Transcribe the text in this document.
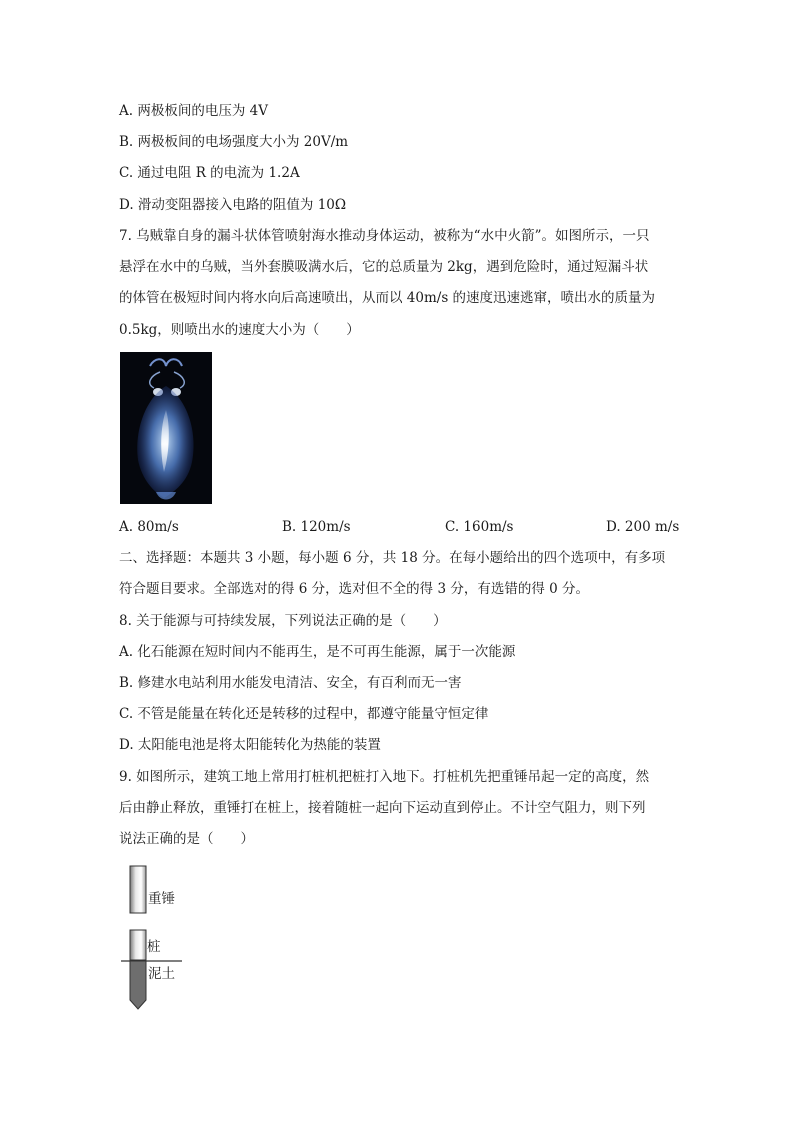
A. 两极板间的电压为 4V
B. 两极板间的电场强度大小为 20V/m
C. 通过电阻 R 的电流为 1.2A
D. 滑动变阻器接入电路的阻值为 10Ω
7. 乌贼靠自身的漏斗状体管喷射海水推动身体运动，被称为“水中火箭”。如图所示，一只
悬浮在水中的乌贼，当外套膜吸满水后，它的总质量为 2kg，遇到危险时，通过短漏斗状
的体管在极短时间内将水向后高速喷出，从而以 40m/s 的速度迅速逃窜，喷出水的质量为
0.5kg，则喷出水的速度大小为（　　）
A. 80m/s	B. 120m/s	C. 160m/s	D. 200 m/s
二、选择题：本题共 3 小题，每小题 6 分，共 18 分。在每小题给出的四个选项中，有多项
符合题目要求。全部选对的得 6 分，选对但不全的得 3 分，有选错的得 0 分。
8. 关于能源与可持续发展，下列说法正确的是（　　）
A. 化石能源在短时间内不能再生，是不可再生能源，属于一次能源
B. 修建水电站利用水能发电清洁、安全，有百利而无一害
C. 不管是能量在转化还是转移的过程中，都遵守能量守恒定律
D. 太阳能电池是将太阳能转化为热能的装置
9. 如图所示，建筑工地上常用打桩机把桩打入地下。打桩机先把重锤吊起一定的高度，然
后由静止释放，重锤打在桩上，接着随桩一起向下运动直到停止。不计空气阻力，则下列
说法正确的是（　　）
重锤
桩
泥土
